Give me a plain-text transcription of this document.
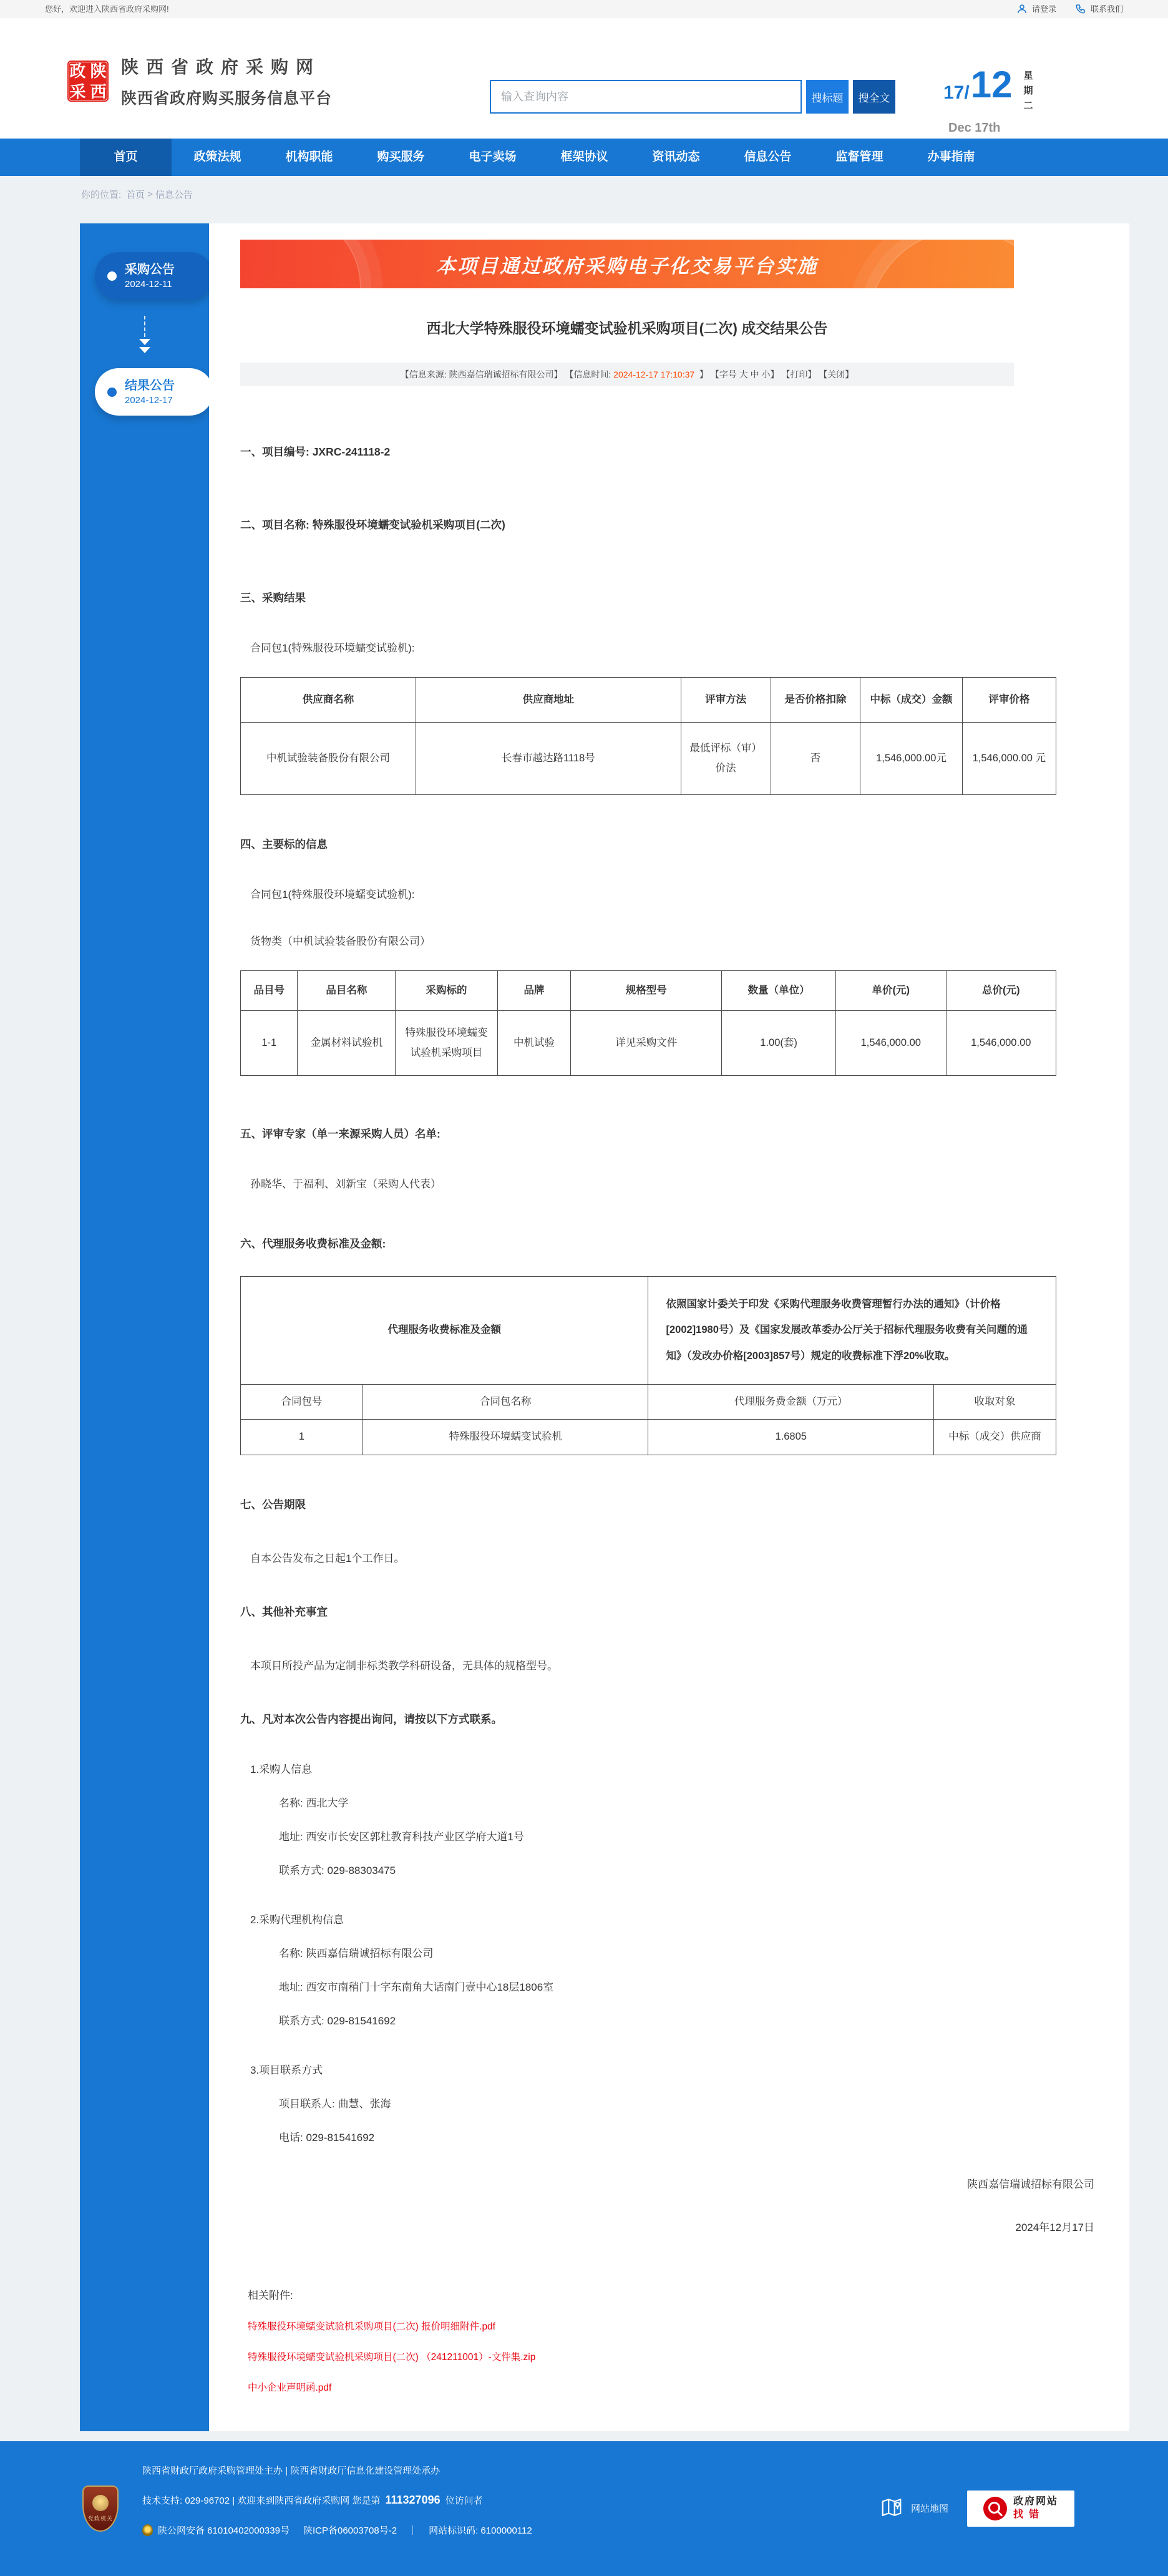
您好，欢迎进入陕西省政府采购网!	请登录	联系我们
政 陕
采 西
陕西省政府采购网
陕西省政府购买服务信息平台
输入查询内容	搜标题	搜全文	17/ 12 星期二
Dec 17th
首页	政策法规	机构职能	购买服务	电子卖场	框架协议	资讯动态	信息公告	监督管理	办事指南
你的位置: 首页 > 信息公告
采购公告
2024-12-11
结果公告
2024-12-17
本项目通过政府采购电子化交易平台实施
西北大学特殊服役环境蠕变试验机采购项目(二次) 成交结果公告
【信息来源: 陕西嘉信瑞诚招标有限公司】 【信息时间: 2024-12-17 17:10:37 】 【字号 大 中 小】 【打印】 【关闭】
一、项目编号: JXRC-241118-2
二、项目名称: 特殊服役环境蠕变试验机采购项目(二次)
三、采购结果
合同包1(特殊服役环境蠕变试验机):
供应商名称	供应商地址	评审方法	是否价格扣除	中标（成交）金额	评审价格
中机试验装备股份有限公司	长春市越达路1118号	最低评标（审）价法	否	1,546,000.00元	1,546,000.00 元
四、主要标的信息
合同包1(特殊服役环境蠕变试验机):
货物类（中机试验装备股份有限公司）
品目号	品目名称	采购标的	品牌	规格型号	数量（单位）	单价(元)	总价(元)
1-1	金属材料试验机	特殊服役环境蠕变试验机采购项目	中机试验	详见采购文件	1.00(套)	1,546,000.00	1,546,000.00
五、评审专家（单一来源采购人员）名单:
孙晓华、于福利、刘新宝（采购人代表）
六、代理服务收费标准及金额:
代理服务收费标准及金额		依照国家计委关于印发《采购代理服务收费管理暂行办法的通知》（计价格[2002]1980号）及《国家发展改革委办公厅关于招标代理服务收费有关问题的通知》（发改办价格[2003]857号）规定的收费标准下浮20%收取。	
合同包号	合同包名称	代理服务费金额（万元）	收取对象
1	特殊服役环境蠕变试验机	1.6805	中标（成交）供应商
七、公告期限
自本公告发布之日起1个工作日。
八、其他补充事宜
本项目所投产品为定制非标类教学科研设备，无具体的规格型号。
九、凡对本次公告内容提出询问，请按以下方式联系。
1.采购人信息
名称: 西北大学
地址: 西安市长安区郭杜教育科技产业区学府大道1号
联系方式: 029-88303475
2.采购代理机构信息
名称: 陕西嘉信瑞诚招标有限公司
地址: 西安市南稍门十字东南角大话南门壹中心18层1806室
联系方式: 029-81541692
3.项目联系方式
项目联系人: 曲慧、张海
电话: 029-81541692
陕西嘉信瑞诚招标有限公司
2024年12月17日
相关附件:
特殊服役环境蠕变试验机采购项目(二次) 报价明细附件.pdf
特殊服役环境蠕变试验机采购项目(二次) （241211001）-文件集.zip
中小企业声明函.pdf
党政机关
陕西省财政厅政府采购管理处主办 | 陕西省财政厅信息化建设管理处承办
技术支持: 029-96702 | 欢迎来到陕西省政府采购网 您是第 111327096 位访问者
陕公网安备 61010402000339号 陕ICP备06003708号-2 ｜ 网站标识码: 6100000112
网站地图
政府网站
找错
